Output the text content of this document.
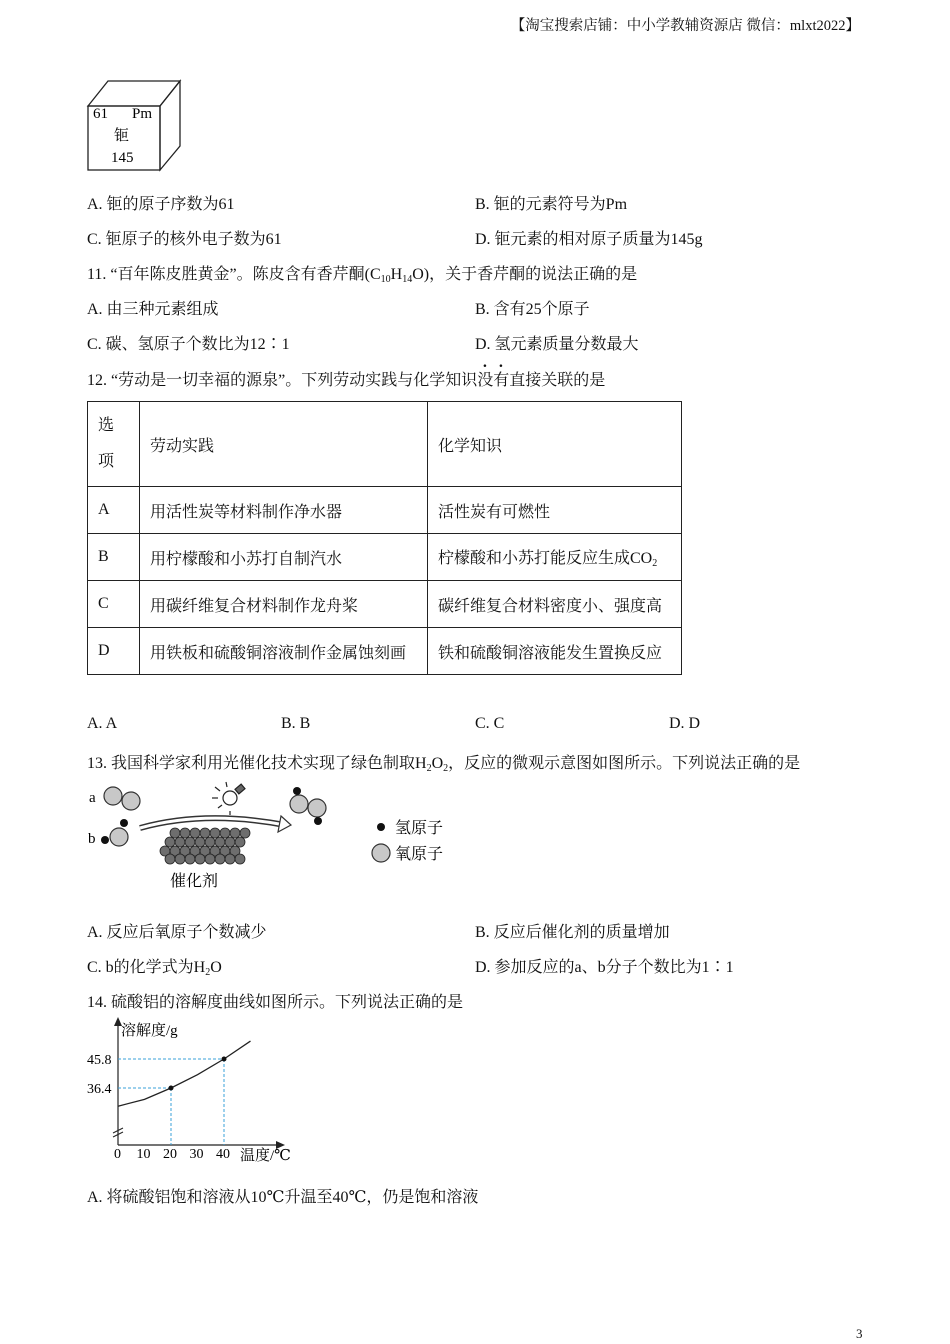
【淘宝搜索店铺：中小学教辅资源店 微信：mlxt2022】
61 Pm
钷
145
A. 钷的原子序数为61	B. 钷的元素符号为Pm
C. 钷原子的核外电子数为61	D. 钷元素的相对原子质量为145g
11. “百年陈皮胜黄金”。陈皮含有香芹酮$(C_{10}H_{14}O)$，关于香芹酮的说法正确的是
A. 由三种元素组成	B. 含有25个原子
C. 碳、氢原子个数比为12∶1	D. 氢元素质量分数最大
12. “劳动是一切幸福的源泉”。下列劳动实践与化学知识没有直接关联的是
选
项	劳动实践	化学知识
A	用活性炭等材料制作净水器	活性炭有可燃性
B	用柠檬酸和小苏打自制汽水	柠檬酸和小苏打能反应生成$CO_2$
C	用碳纤维复合材料制作龙舟桨	碳纤维复合材料密度小、强度高
D	用铁板和硫酸铜溶液制作金属蚀刻画	铁和硫酸铜溶液能发生置换反应
A. A	B. B	C. C	D. D
13. 我国科学家利用光催化技术实现了绿色制取$H_2O_2$，反应的微观示意图如图所示。下列说法正确的是
a
b
催化剂
氢原子
氧原子
A. 反应后氧原子个数减少	B. 反应后催化剂的质量增加
C. b的化学式为$H_2O$	D. 参加反应的a、b分子个数比为1∶1
14. 硫酸铝的溶解度曲线如图所示。下列说法正确的是
溶解度/g
温度/℃
0 10 20 30 40
36.4
45.8
A. 将硫酸铝饱和溶液从10℃升温至40℃，仍是饱和溶液
3
